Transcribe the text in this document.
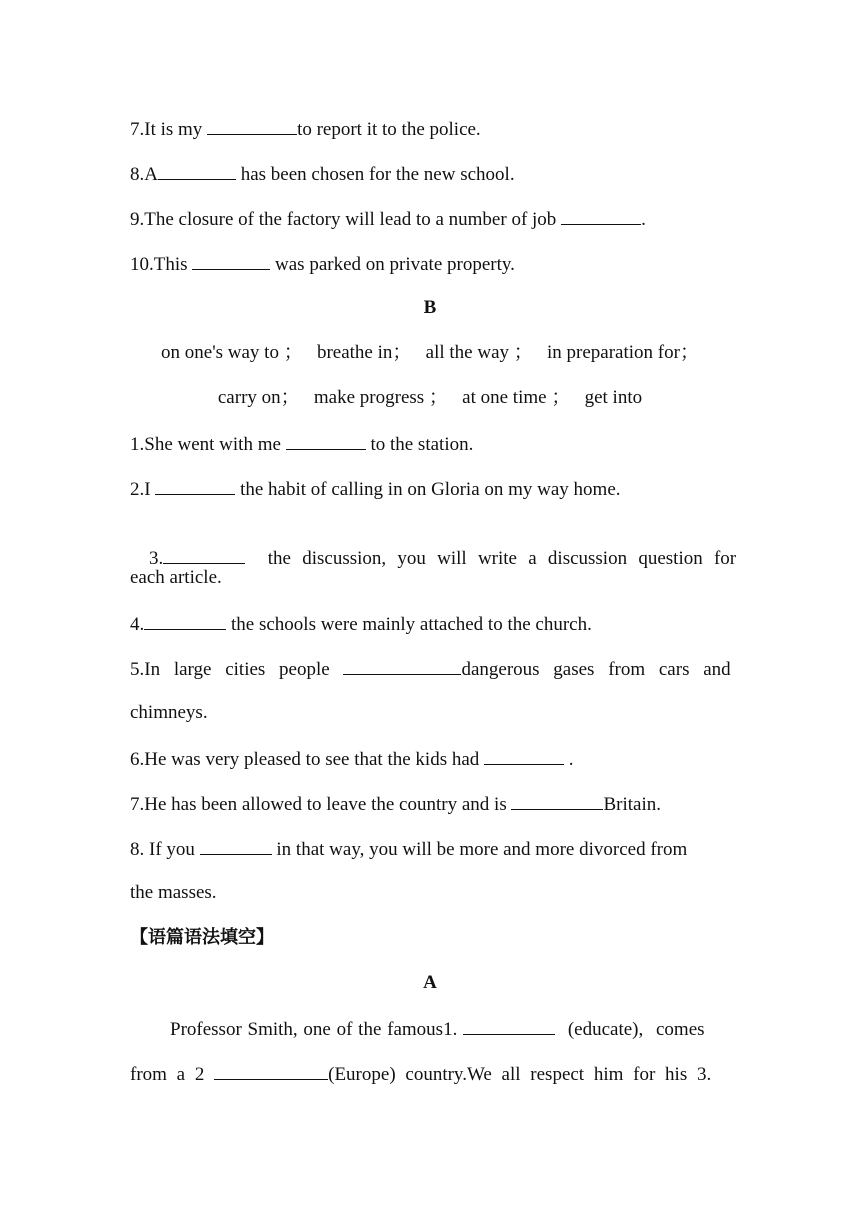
7.It is my	to report it to the police.
8.A	has been chosen for the new school.
9.The closure of the factory will lead to a number of job	.
10.This	was parked on private property.
B
on one's way to ；   breathe in；   all the way ；   in preparation for；
carry on；   make progress ；   at one time ；   get into
1.She went with me	to the station.
2.I	the habit of calling in on Gloria on my way home.

3.	the discussion, you will write a discussion question for

each article.
4.	the schools were mainly attached to the church.
5.In large cities people	dangerous gases from cars and
chimneys.
6.He was very pleased to see that the kids had	.
7.He has been allowed to leave the country and is	Britain.
8. If you	in that way, you will be more and more divorced from
the masses.
【语篇语法填空】
A
Professor Smith, one of the famous1.	(educate), comes
from a 2	(Europe) country.We all respect him for his 3.
